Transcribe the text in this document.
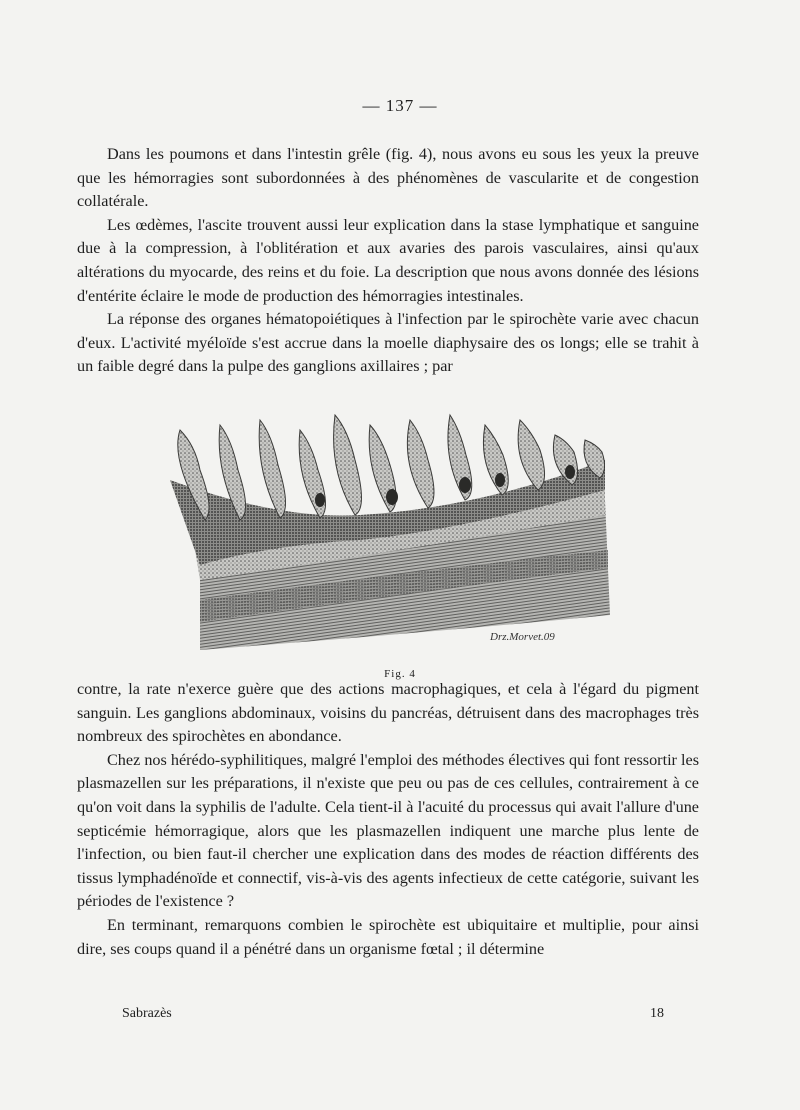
— 137 —

Dans les poumons et dans l'intestin grêle (fig. 4), nous avons eu sous les yeux la preuve que les hémorragies sont subordonnées à des phénomènes de vascularite et de congestion collatérale.

Les œdèmes, l'ascite trouvent aussi leur explication dans la stase lymphatique et sanguine due à la compression, à l'oblitération et aux avaries des parois vasculaires, ainsi qu'aux altérations du myocarde, des reins et du foie. La description que nous avons donnée des lésions d'entérite éclaire le mode de production des hémorragies intestinales.

La réponse des organes hématopoiétiques à l'infection par le spirochète varie avec chacun d'eux. L'activité myéloïde s'est accrue dans la moelle diaphysaire des os longs; elle se trahit à un faible degré dans la pulpe des ganglions axillaires ; par

Drz.Morvet.09
Fig. 4

contre, la rate n'exerce guère que des actions macrophagiques, et cela à l'égard du pigment sanguin. Les ganglions abdominaux, voisins du pancréas, détruisent dans des macrophages très nombreux des spirochètes en abondance.

Chez nos hérédo-syphilitiques, malgré l'emploi des méthodes électives qui font ressortir les plasmazellen sur les préparations, il n'existe que peu ou pas de ces cellules, contrairement à ce qu'on voit dans la syphilis de l'adulte. Cela tient-il à l'acuité du processus qui avait l'allure d'une septicémie hémorragique, alors que les plasmazellen indiquent une marche plus lente de l'infection, ou bien faut-il chercher une explication dans des modes de réaction différents des tissus lymphadénoïde et connectif, vis-à-vis des agents infectieux de cette catégorie, suivant les périodes de l'existence ?

En terminant, remarquons combien le spirochète est ubiquitaire et multiplie, pour ainsi dire, ses coups quand il a pénétré dans un organisme fœtal ; il détermine

Sabrazès	18
